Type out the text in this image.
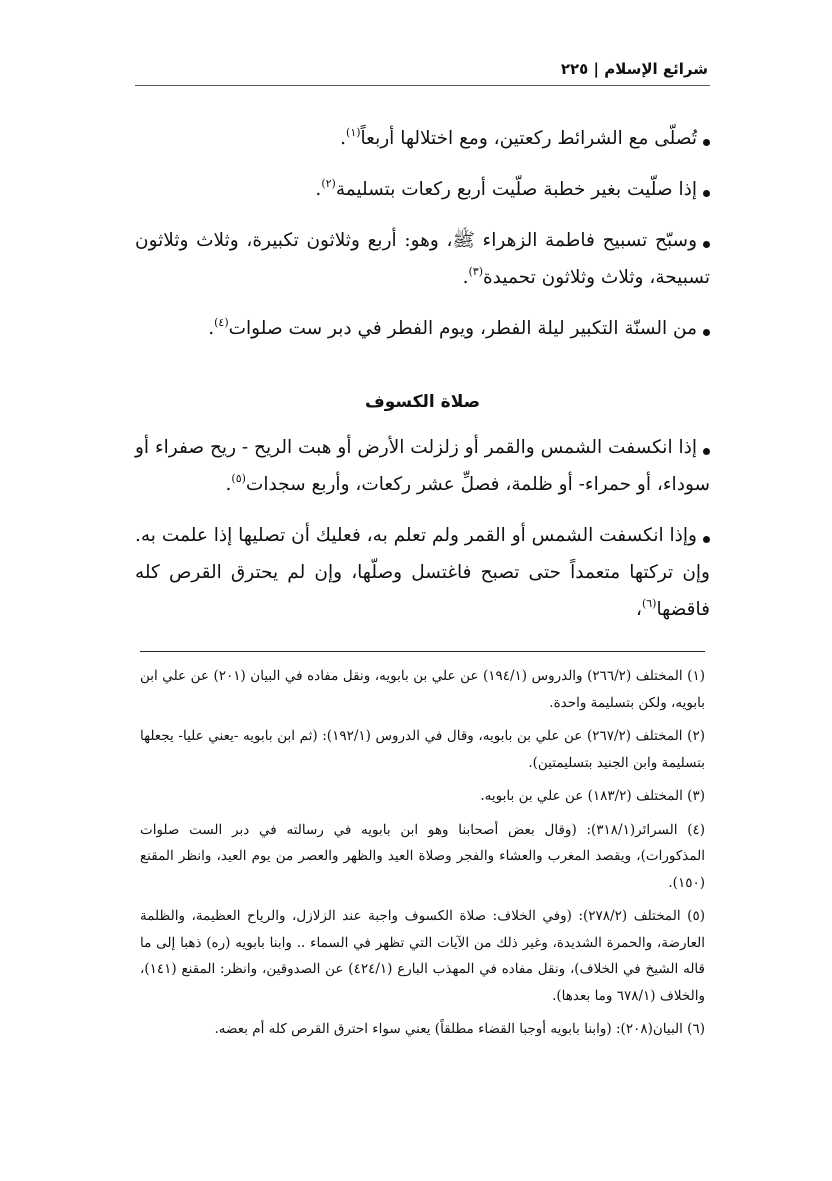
شرائع الإسلام | ٢٢٥

تُصلّى مع الشرائط ركعتين، ومع اختلالها أربعاً$^{(١)}$.

إذا صلّيت بغير خطبة صلّيت أربع ركعات بتسليمة$^{(٢)}$.

وسبّح تسبيح فاطمة الزهراء ﷺ، وهو: أربع وثلاثون تكبيرة، وثلاث وثلاثون تسبيحة، وثلاث وثلاثون تحميدة$^{(٣)}$.

من السنّة التكبير ليلة الفطر، ويوم الفطر في دبر ست صلوات$^{(٤)}$.

صلاة الكسوف

إذا انكسفت الشمس والقمر أو زلزلت الأرض أو هبت الريح - ريح صفراء أو سوداء، أو حمراء- أو ظلمة، فصلِّ عشر ركعات، وأربع سجدات$^{(٥)}$.

وإذا انكسفت الشمس أو القمر ولم تعلم به، فعليك أن تصليها إذا علمت به. وإن تركتها متعمداً حتى تصبح فاغتسل وصلّها، وإن لم يحترق القرص كله فاقضها$^{(٦)}$،

(١) المختلف (٢٦٦/٢) والدروس (١٩٤/١) عن علي بن بابويه، ونقل مفاده في البيان (٢٠١) عن علي ابن بابويه، ولكن بتسليمة واحدة.

(٢) المختلف (٢٦٧/٢) عن علي بن بابويه، وقال في الدروس (١٩٢/١): (ثم ابن بابويه -يعني عليا- يجعلها بتسليمة وابن الجنيد بتسليمتين).

(٣) المختلف (١٨٣/٢) عن علي بن بابويه.

(٤) السرائر(٣١٨/١): (وقال بعض أصحابنا وهو ابن بابويه في رسالته في دبر الست صلوات المذكورات)، ويقصد المغرب والعشاء والفجر وصلاة العيد والظهر والعصر من يوم العيد، وانظر المقنع (١٥٠).

(٥) المختلف (٢٧٨/٢): (وفي الخلاف: صلاة الكسوف واجبة عند الزلازل، والرياح العظيمة، والظلمة العارضة، والحمرة الشديدة، وغير ذلك من الآيات التي تظهر في السماء .. وابنا بابويه (ره) ذهبا إلى ما قاله الشيخ في الخلاف)، ونقل مفاده في المهذب البارع (٤٢٤/١) عن الصدوقين، وانظر: المقنع (١٤١)، والخلاف (٦٧٨/١ وما بعدها).

(٦) البيان(٢٠٨): (وابنا بابويه أوجبا القضاء مطلقاً) يعني سواء احترق القرص كله أم بعضه.
